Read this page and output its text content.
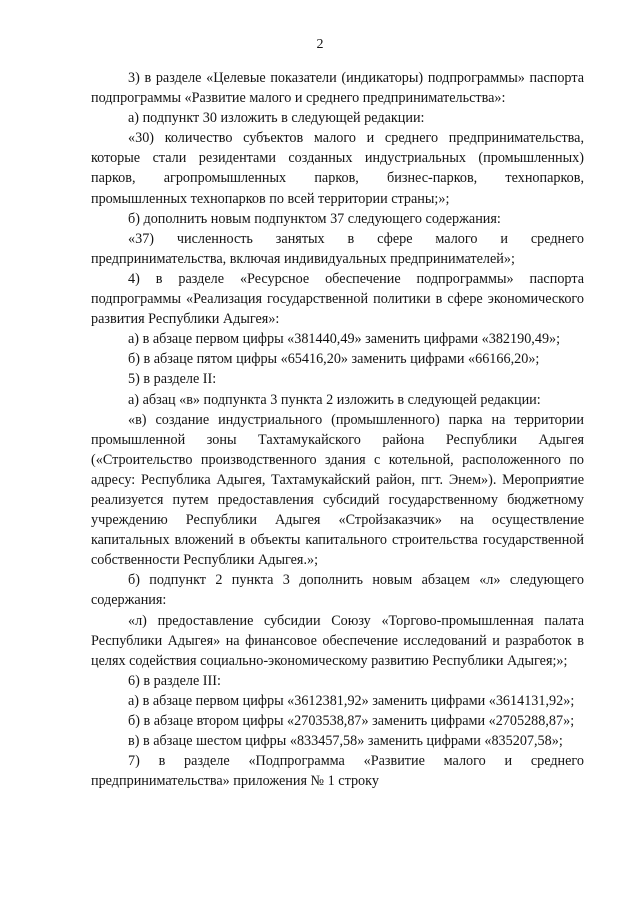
2

3) в разделе «Целевые показатели (индикаторы) подпрограммы» паспорта подпрограммы «Развитие малого и среднего предпринимательства»:

а) подпункт 30 изложить в следующей редакции:

«30) количество субъектов малого и среднего предпринимательства, которые стали резидентами созданных индустриальных (промышленных) парков, агропромышленных парков, бизнес-парков, технопарков, промышленных технопарков по всей территории страны;»;

б) дополнить новым подпунктом 37 следующего содержания:

«37) численность занятых в сфере малого и среднего предпринимательства, включая индивидуальных предпринимателей»;

4) в разделе «Ресурсное обеспечение подпрограммы» паспорта подпрограммы «Реализация государственной политики в сфере экономического развития Республики Адыгея»:

а) в абзаце первом цифры «381440,49» заменить цифрами «382190,49»;

б) в абзаце пятом цифры «65416,20» заменить цифрами «66166,20»;

5) в разделе II:

а) абзац «в» подпункта 3 пункта 2 изложить в следующей редакции:

«в) создание индустриального (промышленного) парка на территории промышленной зоны Тахтамукайского района Республики Адыгея («Строительство производственного здания с котельной, расположенного по адресу: Республика Адыгея, Тахтамукайский район, пгт. Энем»). Мероприятие реализуется путем предоставления субсидий государственному бюджетному учреждению Республики Адыгея «Стройзаказчик» на осуществление капитальных вложений в объекты капитального строительства государственной собственности Республики Адыгея.»;

б) подпункт 2 пункта 3 дополнить новым абзацем «л» следующего содержания:

«л) предоставление субсидии Союзу «Торгово-промышленная палата Республики Адыгея» на финансовое обеспечение исследований и разработок в целях содействия социально-экономическому развитию Республики Адыгея;»;

6) в разделе III:

а) в абзаце первом цифры «3612381,92» заменить цифрами «3614131,92»;

б) в абзаце втором цифры «2703538,87» заменить цифрами «2705288,87»;

в) в абзаце шестом цифры «833457,58» заменить цифрами «835207,58»;

7) в разделе «Подпрограмма «Развитие малого и среднего предпринимательства» приложения № 1 строку
